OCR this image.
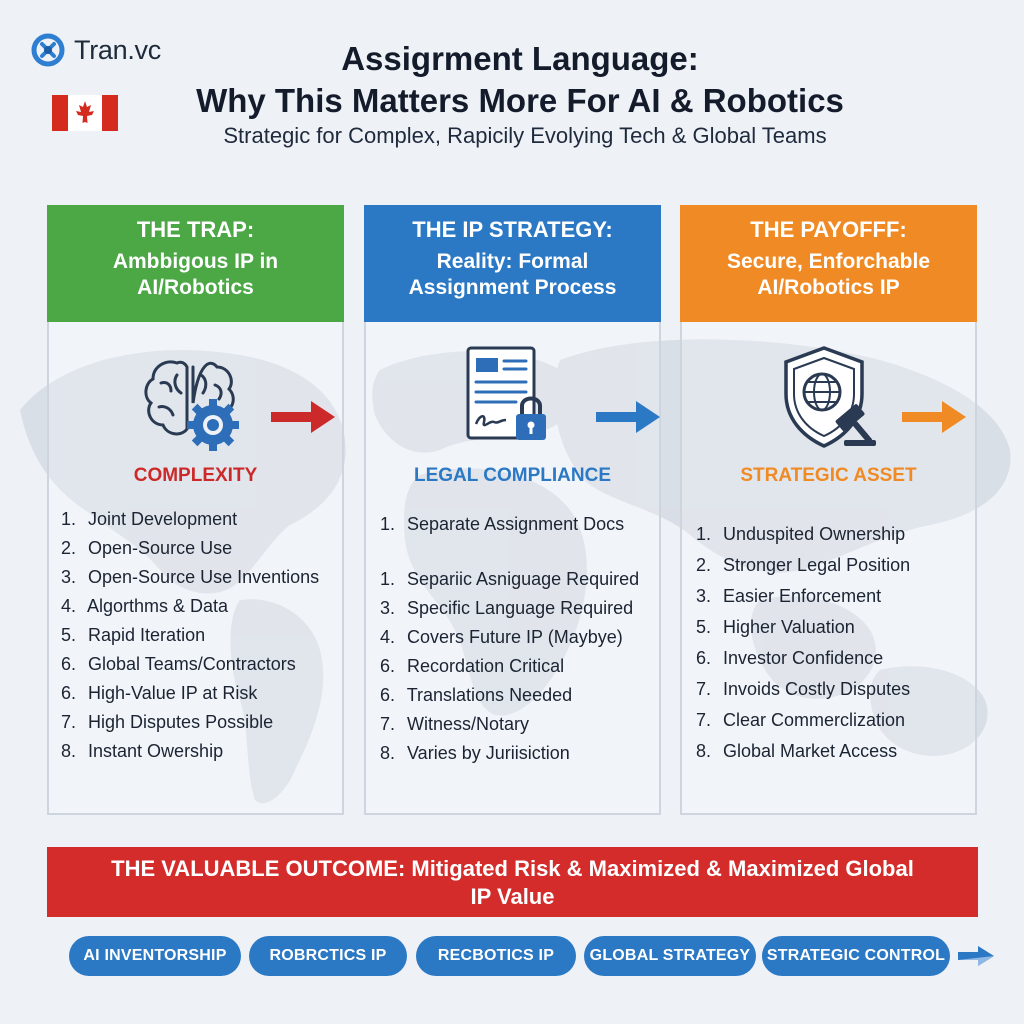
Tran.vc	Assigrment Language:
Why This Matters More For AI & Robotics
Strategic for Complex, Rapicily Evolying Tech & Global Teams
THE TRAP:
Ambbigous IP in AI/Robotics
COMPLEXITY
1. Joint Development
2. Open-Source Use
3. Open-Source Use Inventions
4. Algorthms & Data
5. Rapid Iteration
6. Global Teams/Contractors
6. High-Value IP at Risk
7. High Disputes Possible
8. Instant Owership
THE IP STRATEGY:
Reality: Formal Assignment Process
LEGAL COMPLIANCE
1. Separate Assignment Docs
1. Separiic Asniguage Required
3. Specific Language Required
4. Covers Future IP (Maybye)
6. Recordation Critical
6. Translations Needed
7. Witness/Notary
8. Varies by Juriisiction
THE PAYOFFF:
Secure, Enforchable AI/Robotics IP
STRATEGIC ASSET
1. Unduspited Ownership
2. Stronger Legal Position
3. Easier Enforcement
5. Higher Valuation
6. Investor Confidence
7. Invoids Costly Disputes
7. Clear Commerclization
8. Global Market Access
THE VALUABLE OUTCOME: Mitigated Risk & Maximized & Maximized Global
IP Value
AI INVENTORSHIP	ROBRCTICS IP	RECBOTICS IP	GLOBAL STRATEGY	STRATEGIC CONTROL
